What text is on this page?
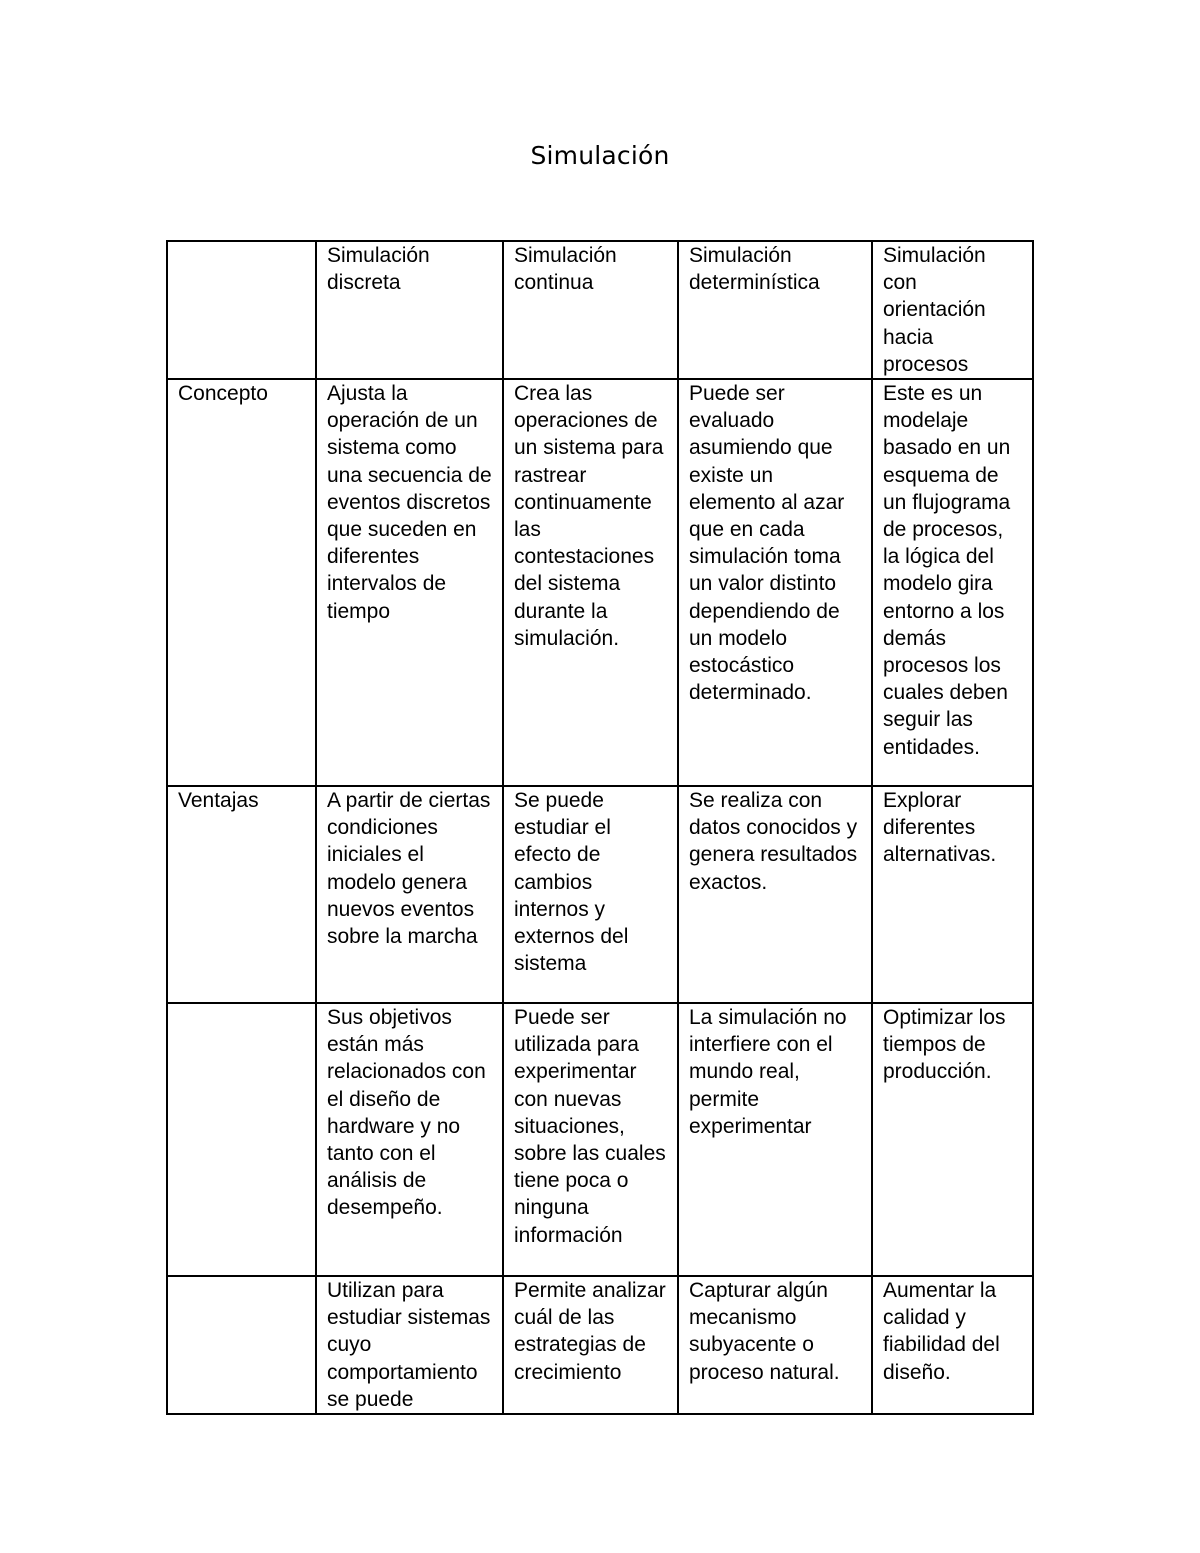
Simulación
	Simulación discreta	Simulación continua	Simulación determinística	Simulación con orientación hacia procesos
Concepto	Ajusta la operación de un sistema como una secuencia de eventos discretos que suceden en diferentes intervalos de tiempo	Crea las operaciones de un sistema para rastrear continuamente las contestaciones del sistema durante la simulación.	Puede ser evaluado asumiendo que existe un elemento al azar que en cada simulación toma un valor distinto dependiendo de un modelo estocástico determinado.	Este es un modelaje basado en un esquema de un flujograma de procesos, la lógica del modelo gira entorno a los demás procesos los cuales deben seguir las entidades.
Ventajas	A partir de ciertas condiciones iniciales el modelo genera nuevos eventos sobre la marcha	Se puede estudiar el efecto de cambios internos y externos del sistema	Se realiza con datos conocidos y genera resultados exactos.	Explorar diferentes alternativas.
	Sus objetivos están más relacionados con el diseño de hardware y no tanto con el análisis de desempeño.	Puede ser utilizada para experimentar con nuevas situaciones, sobre las cuales tiene poca o ninguna información	La simulación no interfiere con el mundo real, permite experimentar	Optimizar los tiempos de producción.
	Utilizan para estudiar sistemas cuyo comportamiento se puede	Permite analizar cuál de las estrategias de crecimiento	Capturar algún mecanismo subyacente o proceso natural.	Aumentar la calidad y fiabilidad del diseño.
